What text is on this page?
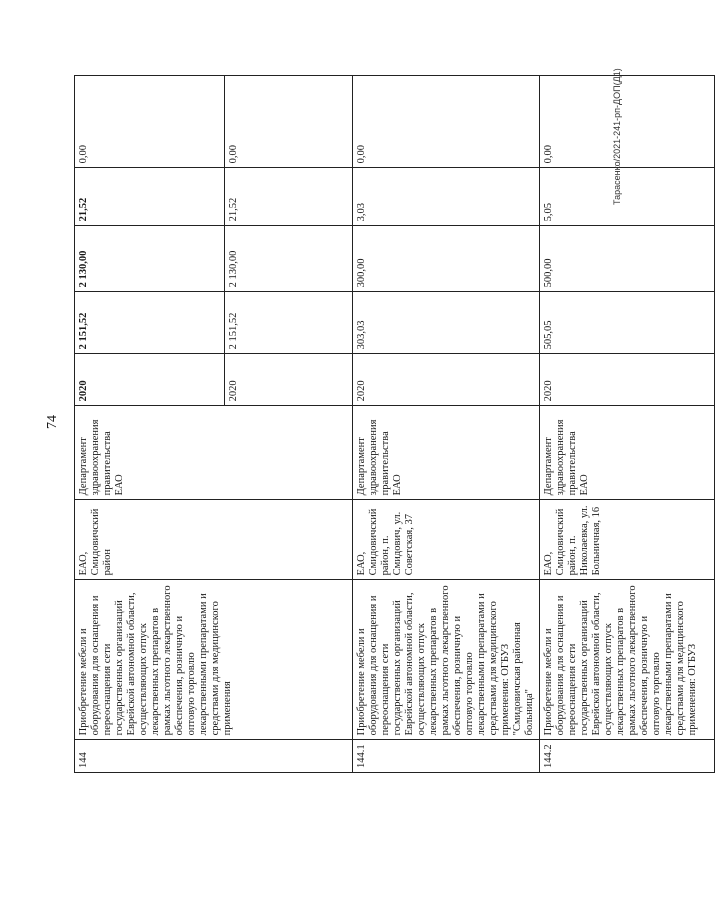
74
144	Приобретение мебели и оборудования для оснащения и переоснащения сети государственных организаций Еврейской автономной области, осуществляющих отпуск лекарственных препаратов в рамках льготного лекарственного обеспечения, розничную и оптовую торговлю лекарственными препаратами и средствами для медицинского применения	ЕАО, Смидовичский район	Департамент здравоохранения правительства ЕАО	2020	2 151,52	2 130,00	21,52	0,00
				2020	2 151,52	2 130,00	21,52	0,00
144.1	Приобретение мебели и оборудования для оснащения и переоснащения сети государственных организаций Еврейской автономной области, осуществляющих отпуск лекарственных препаратов в рамках льготного лекарственного обеспечения, розничную и оптовую торговлю лекарственными препаратами и средствами для медицинского применения: ОГБУЗ "Смидовичская районная больница"	ЕАО, Смидовичский район, п. Смидович, ул. Советская, 37	Департамент здравоохранения правительства ЕАО	2020	303,03	300,00	3,03	0,00
144.2	Приобретение мебели и оборудования для оснащения и переоснащения сети государственных организаций Еврейской автономной области, осуществляющих отпуск лекарственных препаратов в рамках льготного лекарственного обеспечения, розничную и оптовую торговлю лекарственными препаратами и средствами для медицинского применения: ОГБУЗ	ЕАО, Смидовичский район, п. Николаевка, ул. Больничная, 16	Департамент здравоохранения правительства ЕАО	2020	505,05	500,00	5,05	0,00	Тарасенко/2021-241-рп-ДОП(Д1)
